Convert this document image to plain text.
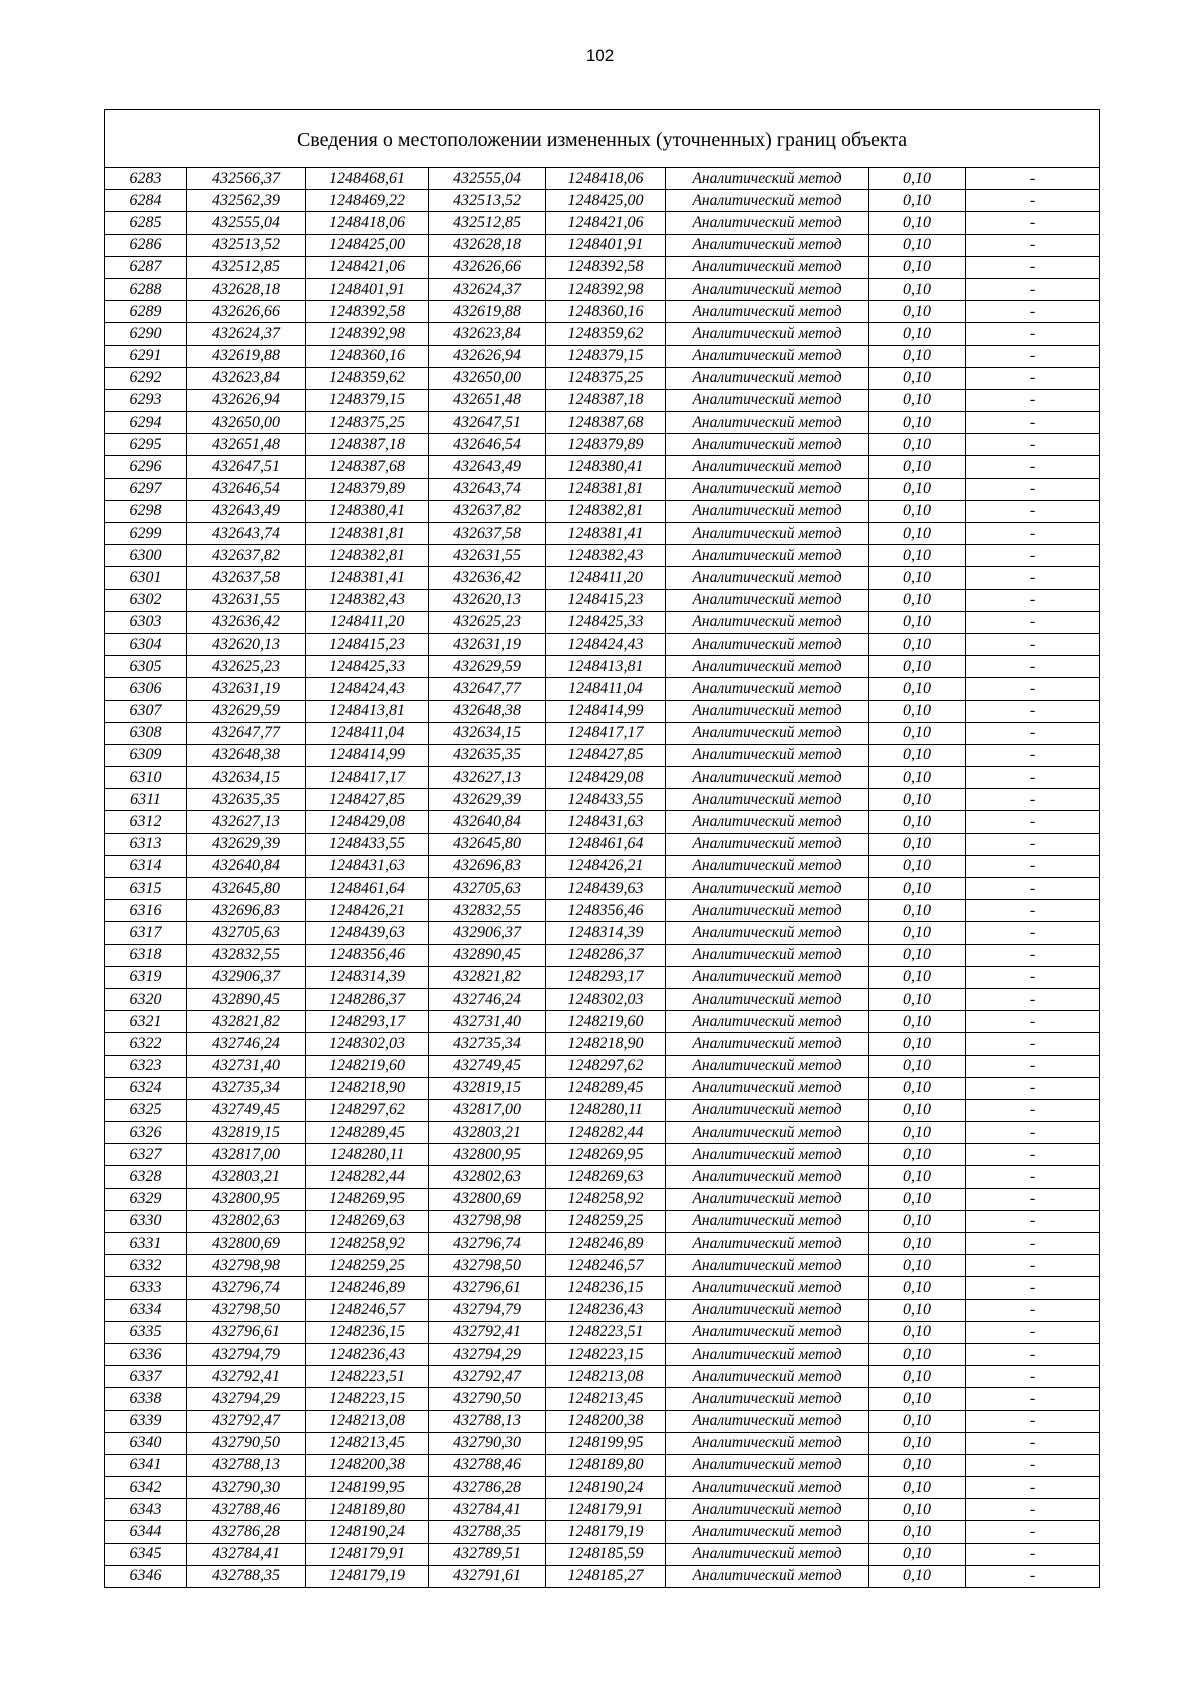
102
Сведения о местоположении измененных (уточненных) границ объекта							
6283	432566,37	1248468,61	432555,04	1248418,06	Аналитический метод	0,10	-
6284	432562,39	1248469,22	432513,52	1248425,00	Аналитический метод	0,10	-
6285	432555,04	1248418,06	432512,85	1248421,06	Аналитический метод	0,10	-
6286	432513,52	1248425,00	432628,18	1248401,91	Аналитический метод	0,10	-
6287	432512,85	1248421,06	432626,66	1248392,58	Аналитический метод	0,10	-
6288	432628,18	1248401,91	432624,37	1248392,98	Аналитический метод	0,10	-
6289	432626,66	1248392,58	432619,88	1248360,16	Аналитический метод	0,10	-
6290	432624,37	1248392,98	432623,84	1248359,62	Аналитический метод	0,10	-
6291	432619,88	1248360,16	432626,94	1248379,15	Аналитический метод	0,10	-
6292	432623,84	1248359,62	432650,00	1248375,25	Аналитический метод	0,10	-
6293	432626,94	1248379,15	432651,48	1248387,18	Аналитический метод	0,10	-
6294	432650,00	1248375,25	432647,51	1248387,68	Аналитический метод	0,10	-
6295	432651,48	1248387,18	432646,54	1248379,89	Аналитический метод	0,10	-
6296	432647,51	1248387,68	432643,49	1248380,41	Аналитический метод	0,10	-
6297	432646,54	1248379,89	432643,74	1248381,81	Аналитический метод	0,10	-
6298	432643,49	1248380,41	432637,82	1248382,81	Аналитический метод	0,10	-
6299	432643,74	1248381,81	432637,58	1248381,41	Аналитический метод	0,10	-
6300	432637,82	1248382,81	432631,55	1248382,43	Аналитический метод	0,10	-
6301	432637,58	1248381,41	432636,42	1248411,20	Аналитический метод	0,10	-
6302	432631,55	1248382,43	432620,13	1248415,23	Аналитический метод	0,10	-
6303	432636,42	1248411,20	432625,23	1248425,33	Аналитический метод	0,10	-
6304	432620,13	1248415,23	432631,19	1248424,43	Аналитический метод	0,10	-
6305	432625,23	1248425,33	432629,59	1248413,81	Аналитический метод	0,10	-
6306	432631,19	1248424,43	432647,77	1248411,04	Аналитический метод	0,10	-
6307	432629,59	1248413,81	432648,38	1248414,99	Аналитический метод	0,10	-
6308	432647,77	1248411,04	432634,15	1248417,17	Аналитический метод	0,10	-
6309	432648,38	1248414,99	432635,35	1248427,85	Аналитический метод	0,10	-
6310	432634,15	1248417,17	432627,13	1248429,08	Аналитический метод	0,10	-
6311	432635,35	1248427,85	432629,39	1248433,55	Аналитический метод	0,10	-
6312	432627,13	1248429,08	432640,84	1248431,63	Аналитический метод	0,10	-
6313	432629,39	1248433,55	432645,80	1248461,64	Аналитический метод	0,10	-
6314	432640,84	1248431,63	432696,83	1248426,21	Аналитический метод	0,10	-
6315	432645,80	1248461,64	432705,63	1248439,63	Аналитический метод	0,10	-
6316	432696,83	1248426,21	432832,55	1248356,46	Аналитический метод	0,10	-
6317	432705,63	1248439,63	432906,37	1248314,39	Аналитический метод	0,10	-
6318	432832,55	1248356,46	432890,45	1248286,37	Аналитический метод	0,10	-
6319	432906,37	1248314,39	432821,82	1248293,17	Аналитический метод	0,10	-
6320	432890,45	1248286,37	432746,24	1248302,03	Аналитический метод	0,10	-
6321	432821,82	1248293,17	432731,40	1248219,60	Аналитический метод	0,10	-
6322	432746,24	1248302,03	432735,34	1248218,90	Аналитический метод	0,10	-
6323	432731,40	1248219,60	432749,45	1248297,62	Аналитический метод	0,10	-
6324	432735,34	1248218,90	432819,15	1248289,45	Аналитический метод	0,10	-
6325	432749,45	1248297,62	432817,00	1248280,11	Аналитический метод	0,10	-
6326	432819,15	1248289,45	432803,21	1248282,44	Аналитический метод	0,10	-
6327	432817,00	1248280,11	432800,95	1248269,95	Аналитический метод	0,10	-
6328	432803,21	1248282,44	432802,63	1248269,63	Аналитический метод	0,10	-
6329	432800,95	1248269,95	432800,69	1248258,92	Аналитический метод	0,10	-
6330	432802,63	1248269,63	432798,98	1248259,25	Аналитический метод	0,10	-
6331	432800,69	1248258,92	432796,74	1248246,89	Аналитический метод	0,10	-
6332	432798,98	1248259,25	432798,50	1248246,57	Аналитический метод	0,10	-
6333	432796,74	1248246,89	432796,61	1248236,15	Аналитический метод	0,10	-
6334	432798,50	1248246,57	432794,79	1248236,43	Аналитический метод	0,10	-
6335	432796,61	1248236,15	432792,41	1248223,51	Аналитический метод	0,10	-
6336	432794,79	1248236,43	432794,29	1248223,15	Аналитический метод	0,10	-
6337	432792,41	1248223,51	432792,47	1248213,08	Аналитический метод	0,10	-
6338	432794,29	1248223,15	432790,50	1248213,45	Аналитический метод	0,10	-
6339	432792,47	1248213,08	432788,13	1248200,38	Аналитический метод	0,10	-
6340	432790,50	1248213,45	432790,30	1248199,95	Аналитический метод	0,10	-
6341	432788,13	1248200,38	432788,46	1248189,80	Аналитический метод	0,10	-
6342	432790,30	1248199,95	432786,28	1248190,24	Аналитический метод	0,10	-
6343	432788,46	1248189,80	432784,41	1248179,91	Аналитический метод	0,10	-
6344	432786,28	1248190,24	432788,35	1248179,19	Аналитический метод	0,10	-
6345	432784,41	1248179,91	432789,51	1248185,59	Аналитический метод	0,10	-
6346	432788,35	1248179,19	432791,61	1248185,27	Аналитический метод	0,10	-
